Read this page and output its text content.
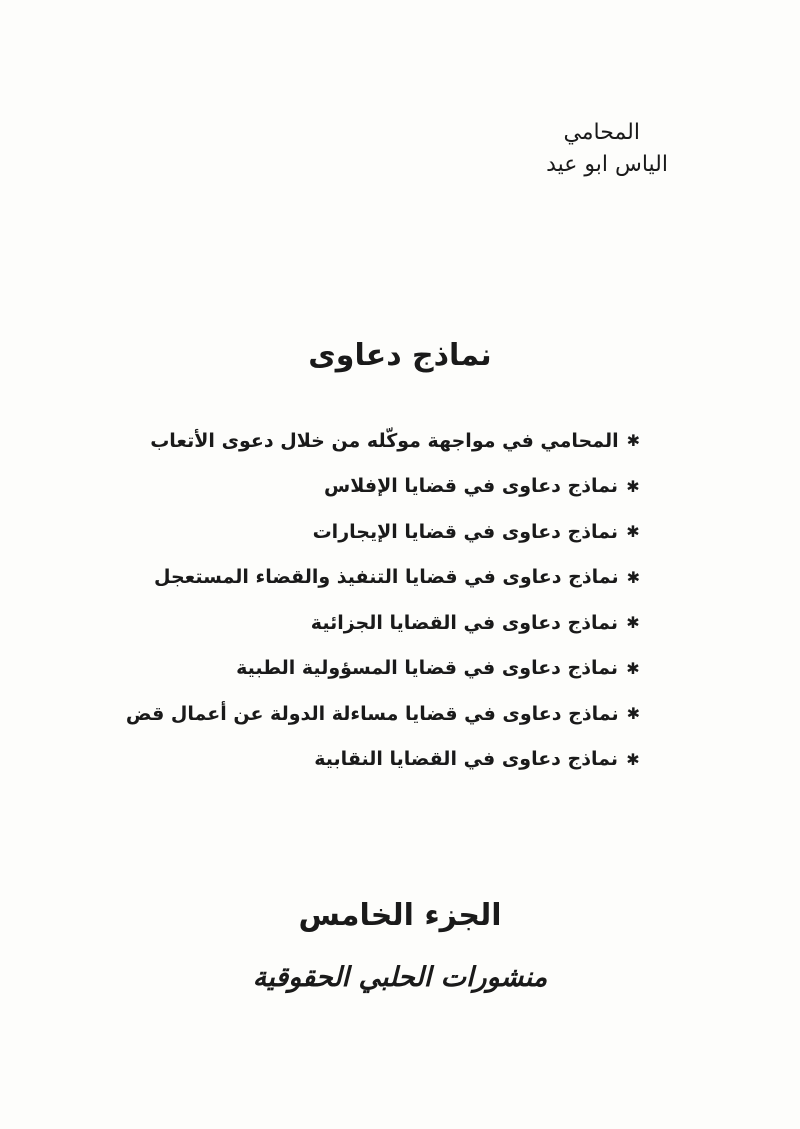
المحامي
الياس ابو عيد
نماذج دعاوى
✱
المحامي في مواجهة موكّله من خلال دعوى الأتعاب
✱
نماذج دعاوى في قضايا الإفلاس
✱
نماذج دعاوى في قضايا الإيجارات
✱
نماذج دعاوى في قضايا التنفيذ والقضاء المستعجل
✱
نماذج دعاوى في القضايا الجزائية
✱
نماذج دعاوى في قضايا المسؤولية الطبية
✱
نماذج دعاوى في قضايا مساءلة الدولة عن أعمال قض
✱
نماذج دعاوى في القضايا النقابية
الجزء الخامس
منشورات الحلبي الحقوقية
